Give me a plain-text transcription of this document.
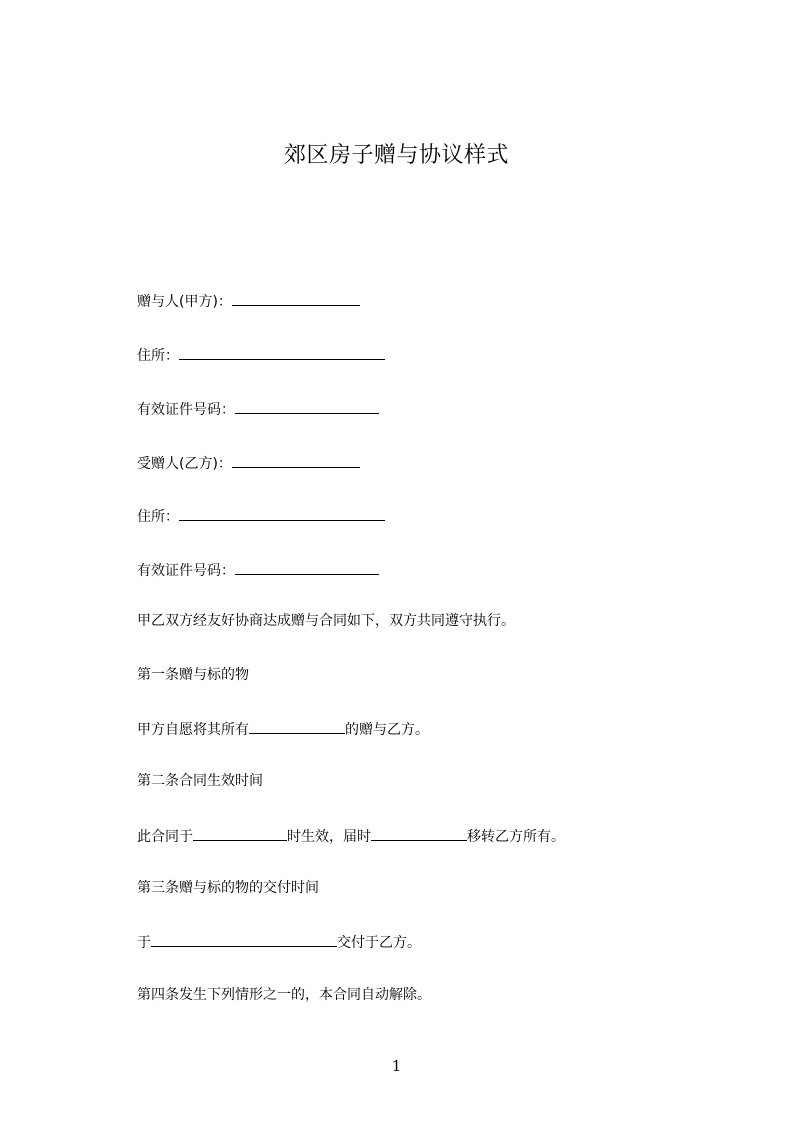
郊区房子赠与协议样式
赠与人(甲方)：
住所：
有效证件号码：
受赠人(乙方)：
住所：
有效证件号码：
甲乙双方经友好协商达成赠与合同如下，双方共同遵守执行。
第一条赠与标的物
甲方自愿将其所有	的赠与乙方。
第二条合同生效时间
此合同于	时生效，届时	移转乙方所有。
第三条赠与标的物的交付时间
于	交付于乙方。
第四条发生下列情形之一的，本合同自动解除。
1
